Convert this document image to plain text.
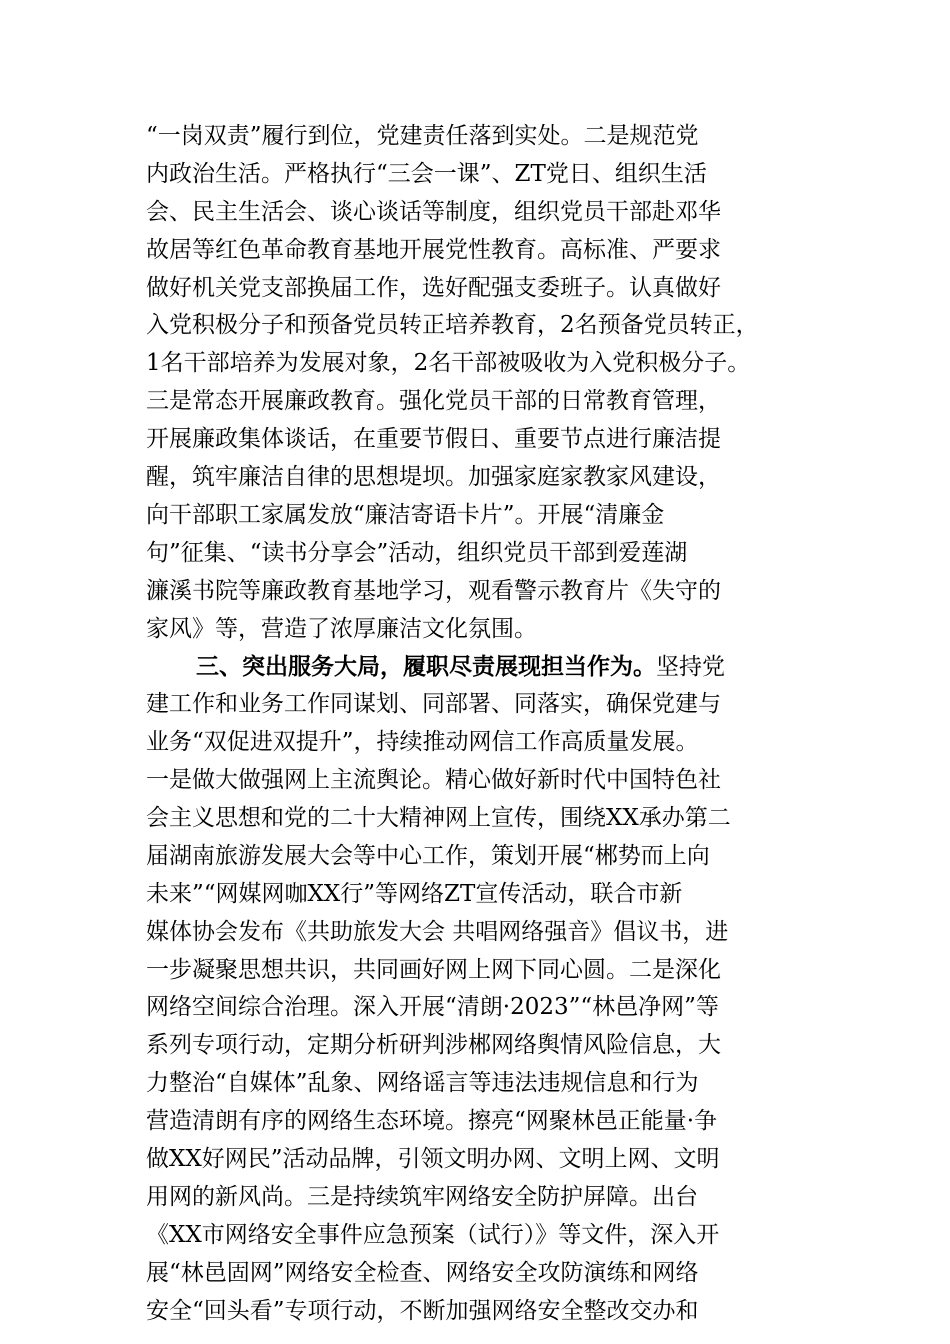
“一岗双责”履行到位，党建责任落到实处。二是规范党
内政治生活。严格执行“三会一课”、ZT党日、组织生活
会、民主生活会、谈心谈话等制度，组织党员干部赴邓华
故居等红色革命教育基地开展党性教育。高标准、严要求
做好机关党支部换届工作，选好配强支委班子。认真做好
入党积极分子和预备党员转正培养教育，2名预备党员转正，
1名干部培养为发展对象，2名干部被吸收为入党积极分子。
三是常态开展廉政教育。强化党员干部的日常教育管理，
开展廉政集体谈话，在重要节假日、重要节点进行廉洁提
醒，筑牢廉洁自律的思想堤坝。加强家庭家教家风建设，
向干部职工家属发放“廉洁寄语卡片”。开展“清廉金
句”征集、“读书分享会”活动，组织党员干部到爱莲湖
濂溪书院等廉政教育基地学习，观看警示教育片《失守的
家风》等，营造了浓厚廉洁文化氛围。
三、突出服务大局，履职尽责展现担当作为。坚持党
建工作和业务工作同谋划、同部署、同落实，确保党建与
业务“双促进双提升”，持续推动网信工作高质量发展。
一是做大做强网上主流舆论。精心做好新时代中国特色社
会主义思想和党的二十大精神网上宣传，围绕XX承办第二
届湖南旅游发展大会等中心工作，策划开展“郴势而上向
未来”“网媒网咖XX行”等网络ZT宣传活动，联合市新
媒体协会发布《共助旅发大会 共唱网络强音》倡议书，进
一步凝聚思想共识，共同画好网上网下同心圆。二是深化
网络空间综合治理。深入开展“清朗·2023”“林邑净网”等
系列专项行动，定期分析研判涉郴网络舆情风险信息，大
力整治“自媒体”乱象、网络谣言等违法违规信息和行为
营造清朗有序的网络生态环境。擦亮“网聚林邑正能量·争
做XX好网民”活动品牌，引领文明办网、文明上网、文明
用网的新风尚。三是持续筑牢网络安全防护屏障。出台
《XX市网络安全事件应急预案（试行）》等文件，深入开
展“林邑固网”网络安全检查、网络安全攻防演练和网络
安全“回头看”专项行动，不断加强网络安全整改交办和
